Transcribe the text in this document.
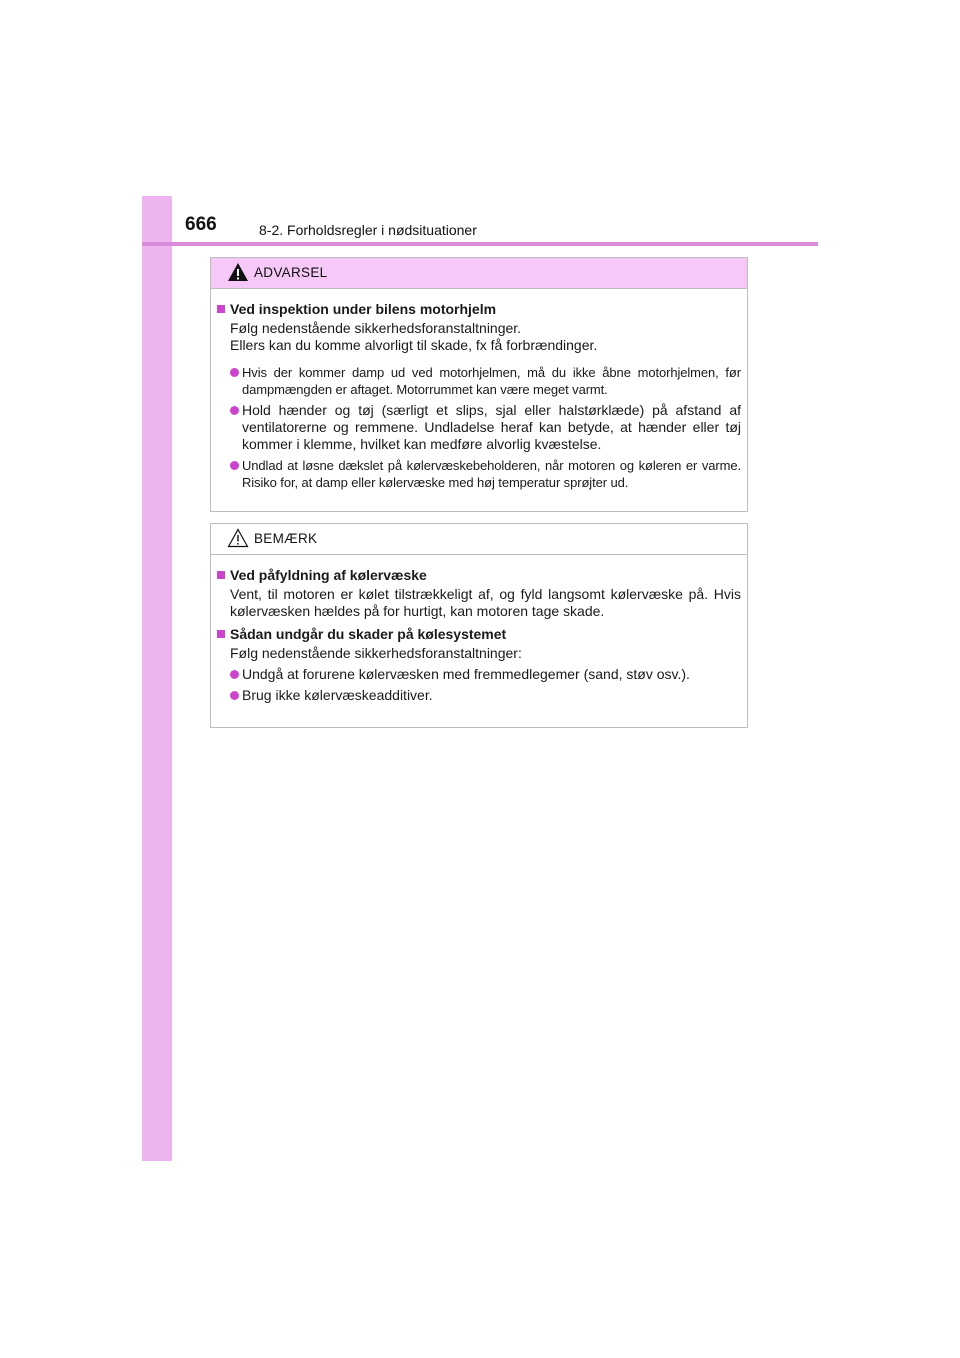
666	8-2. Forholdsregler i nødsituationer
ADVARSEL
Ved inspektion under bilens motorhjelm
Følg nedenstående sikkerhedsforanstaltninger.
Ellers kan du komme alvorligt til skade, fx få forbrændinger.
Hvis der kommer damp ud ved motorhjelmen, må du ikke åbne motorhjelmen, før dampmængden er aftaget. Motorrummet kan være meget varmt.
Hold hænder og tøj (særligt et slips, sjal eller halstørklæde) på afstand af ventilatorerne og remmene. Undladelse heraf kan betyde, at hænder eller tøj kommer i klemme, hvilket kan medføre alvorlig kvæstelse.
Undlad at løsne dækslet på kølervæskebeholderen, når motoren og køleren er varme. Risiko for, at damp eller kølervæske med høj temperatur sprøjter ud.
BEMÆRK
Ved påfyldning af kølervæske
Vent, til motoren er kølet tilstrækkeligt af, og fyld langsomt kølervæske på. Hvis kølervæsken hældes på for hurtigt, kan motoren tage skade.
Sådan undgår du skader på kølesystemet
Følg nedenstående sikkerhedsforanstaltninger:
Undgå at forurene kølervæsken med fremmedlegemer (sand, støv osv.).
Brug ikke kølervæskeadditiver.
